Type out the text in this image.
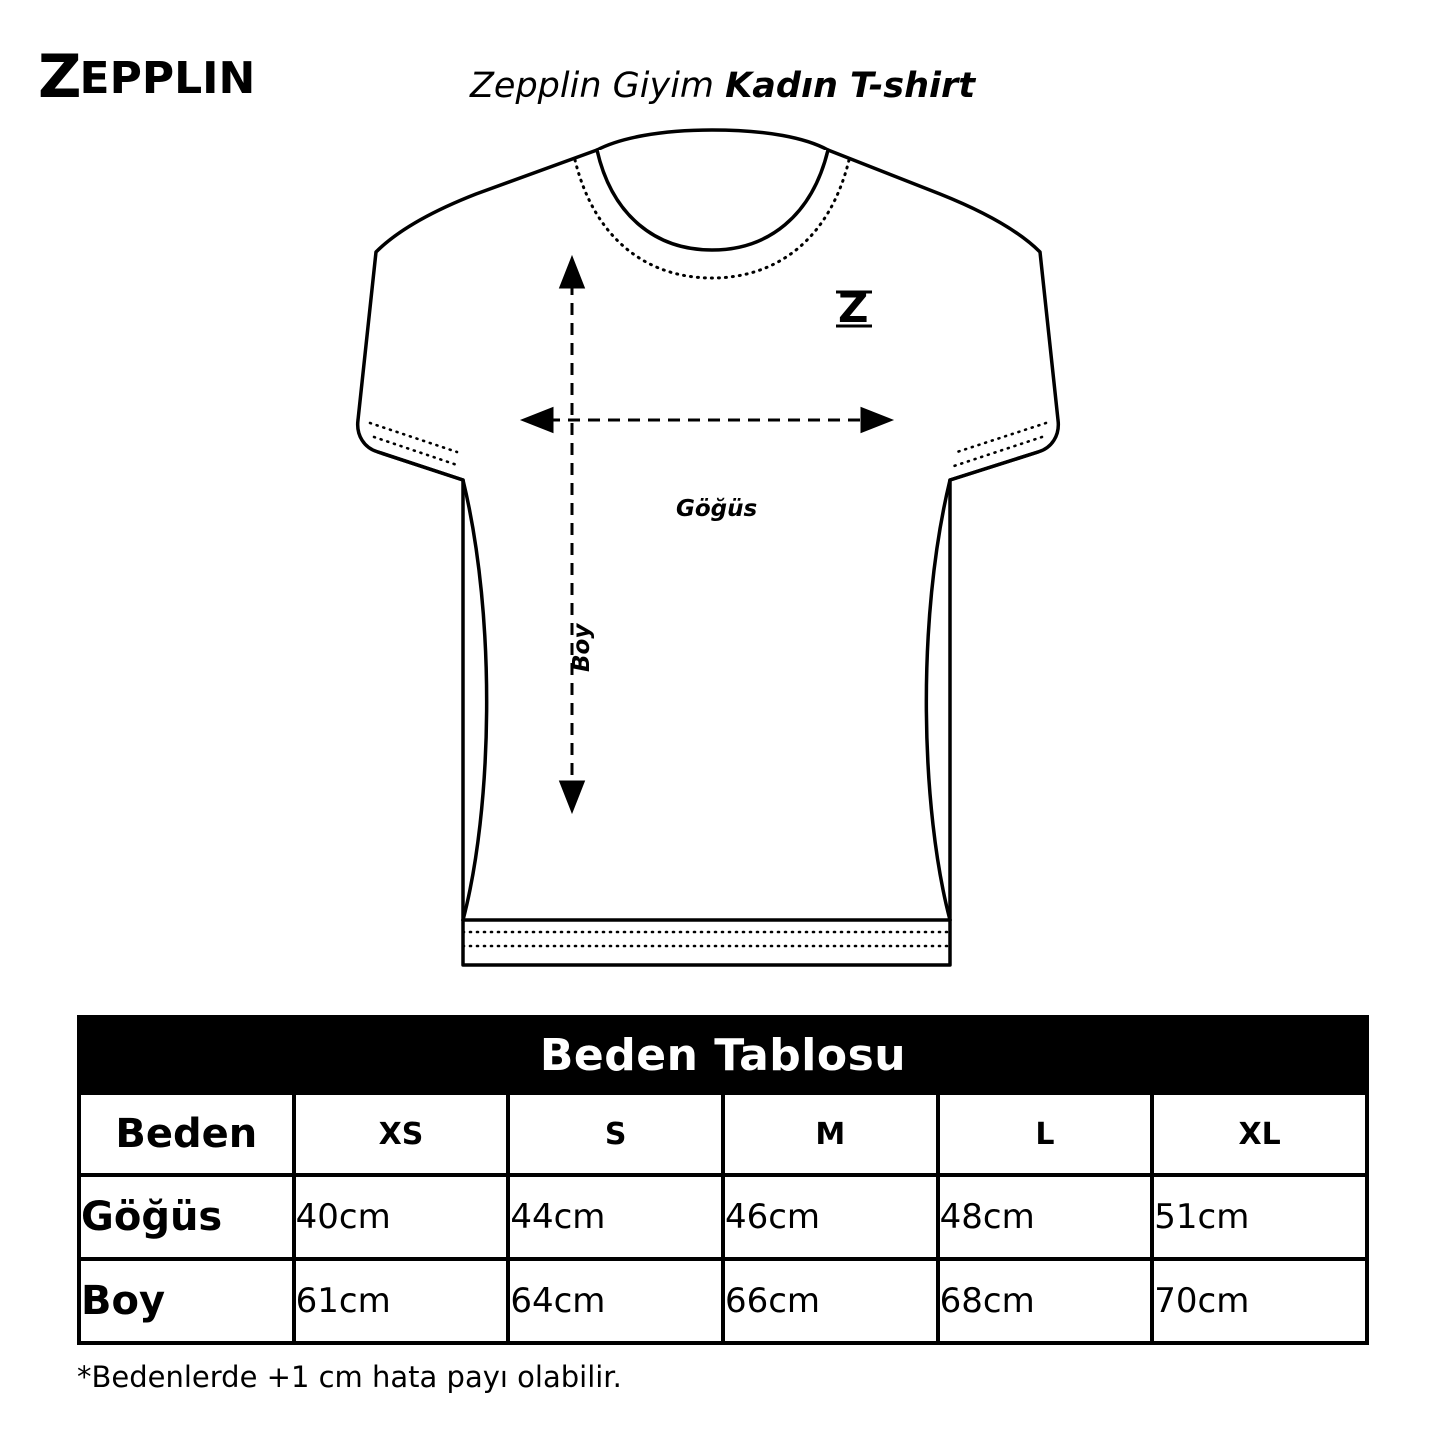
Z EPPLIN	Zepplin Giyim Kadın T-shirt
Z
Göğüs
Boy
Beden Tablosu					
Beden	XS	S	M	L	XL
Göğüs	40cm	44cm	46cm	48cm	51cm
Boy	61cm	64cm	66cm	68cm	70cm
*Bedenlerde +1 cm hata payı olabilir.
